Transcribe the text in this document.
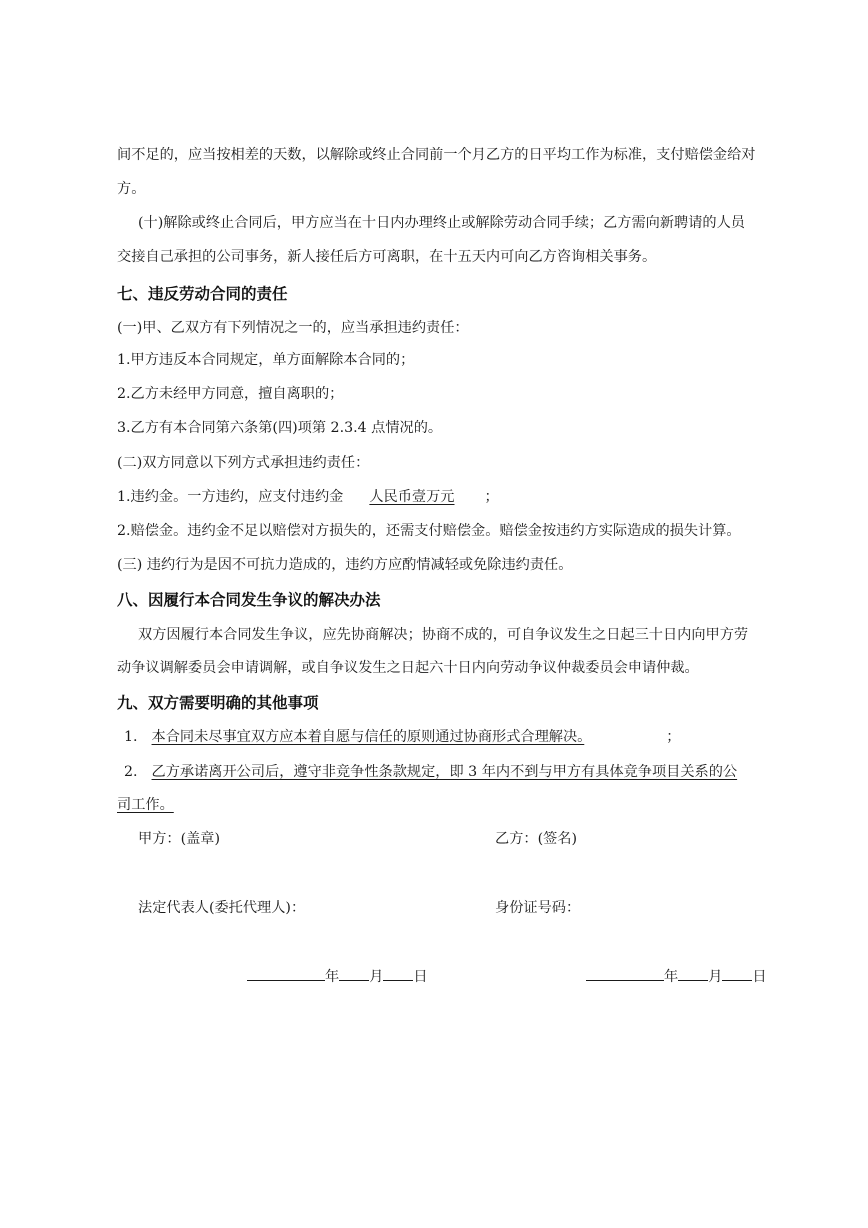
间不足的，应当按相差的天数，以解除或终止合同前一个月乙方的日平均工作为标准，支付赔偿金给对
方。
(十)解除或终止合同后，甲方应当在十日内办理终止或解除劳动合同手续；乙方需向新聘请的人员
交接自己承担的公司事务，新人接任后方可离职，在十五天内可向乙方咨询相关事务。
七、违反劳动合同的责任
(一)甲、乙双方有下列情况之一的，应当承担违约责任：
1.甲方违反本合同规定，单方面解除本合同的；
2.乙方未经甲方同意，擅自离职的；
3.乙方有本合同第六条第(四)项第 2.3.4 点情况的。
(二)双方同意以下列方式承担违约责任：
1.违约金。一方违约，应支付违约金 人民币壹万元 ；
2.赔偿金。违约金不足以赔偿对方损失的，还需支付赔偿金。赔偿金按违约方实际造成的损失计算。
(三) 违约行为是因不可抗力造成的，违约方应酌情减轻或免除违约责任。
八、因履行本合同发生争议的解决办法
双方因履行本合同发生争议，应先协商解决；协商不成的，可自争议发生之日起三十日内向甲方劳
动争议调解委员会申请调解，或自争议发生之日起六十日内向劳动争议仲裁委员会申请仲裁。
九、双方需要明确的其他事项
1. 本合同未尽事宜双方应本着自愿与信任的原则通过协商形式合理解决。	；
2. 乙方承诺离开公司后，遵守非竞争性条款规定，即 3 年内不到与甲方有具体竞争项目关系的公
司工作。
甲方：(盖章)	乙方：(签名)
法定代表人(委托代理人)：	身份证号码：
年 月 日	年 月 日
